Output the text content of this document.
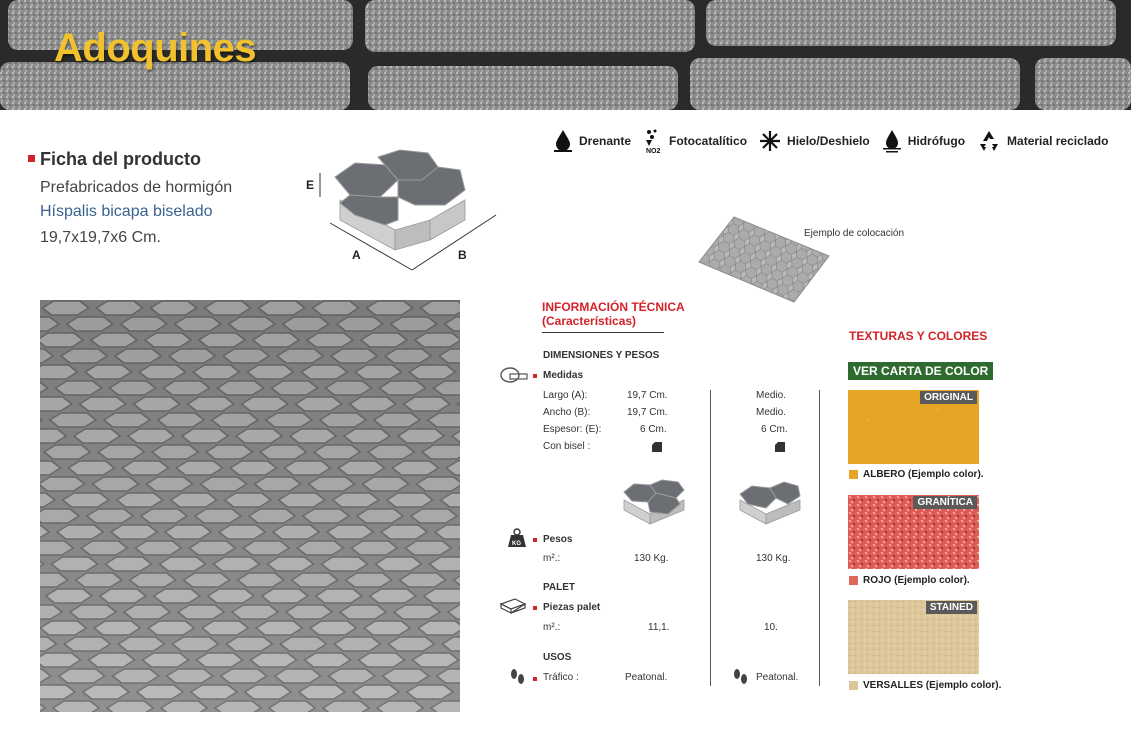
Adoquines
Drenante
NO2
Fotocatalítico	Hielo/Deshielo	Hidrófugo	Material reciclado
Ficha del producto
Prefabricados de hormigón
Híspalis bicapa biselado
19,7x19,7x6 Cm.
E
A	B
Ejemplo de colocación
INFORMACIÓN TÉCNICA
(Características)
DIMENSIONES Y PESOS
Medidas
Largo (A):	19,7 Cm.	Medio.
Ancho (B):	19,7 Cm.	Medio.
Espesor: (E):	6 Cm.	6 Cm.
Con bisel :
KG Pesos
m².:	130 Kg.	130 Kg.
PALET
Piezas palet
m².:	11,1.	10.
USOS
Tráfico :	Peatonal.	Peatonal.
TEXTURAS Y COLORES
VER CARTA DE COLOR
ORIGINAL
ALBERO (Ejemplo color).
GRANÍTICA
ROJO (Ejemplo color).
STAINED
VERSALLES (Ejemplo color).
